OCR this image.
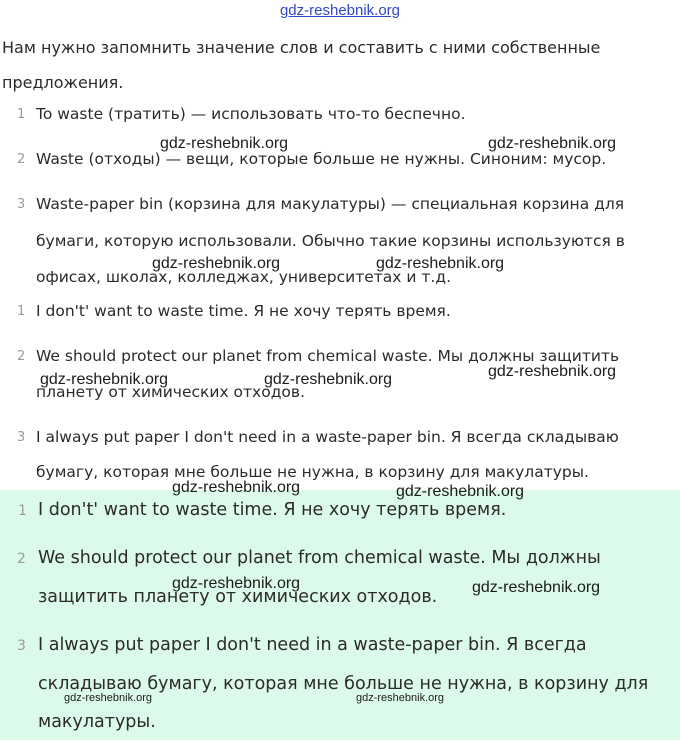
gdz-reshebnik.org
Нам нужно запомнить значение слов и составить с ними собственные предложения.
1 To waste (тратить) — использовать что-то беспечно.
2 Waste (отходы) — вещи, которые больше не нужны. Синоним: мусор.
3 Waste-paper bin (корзина для макулатуры) — специальная корзина для
бумаги, которую использовали. Обычно такие корзины используются в
офисах, школах, колледжах, университетах и т.д.
1 I don't' want to waste time. Я не хочу терять время.
2 We should protect our planet from chemical waste. Мы должны защитить
планету от химических отходов.
3 I always put paper I don't need in a waste-paper bin. Я всегда складываю
бумагу, которая мне больше не нужна, в корзину для макулатуры.
1 I don't' want to waste time. Я не хочу терять время.
2 We should protect our planet from chemical waste. Мы должны
защитить планету от химических отходов.
3 I always put paper I don't need in a waste-paper bin. Я всегда
складываю бумагу, которая мне больше не нужна, в корзину для
макулатуры.
gdz-reshebnik.org	gdz-reshebnik.org
gdz-reshebnik.org	gdz-reshebnik.org
gdz-reshebnik.org
gdz-reshebnik.org	gdz-reshebnik.org
gdz-reshebnik.org	gdz-reshebnik.org
gdz-reshebnik.org	gdz-reshebnik.org
gdz-reshebnik.org	gdz-reshebnik.org
